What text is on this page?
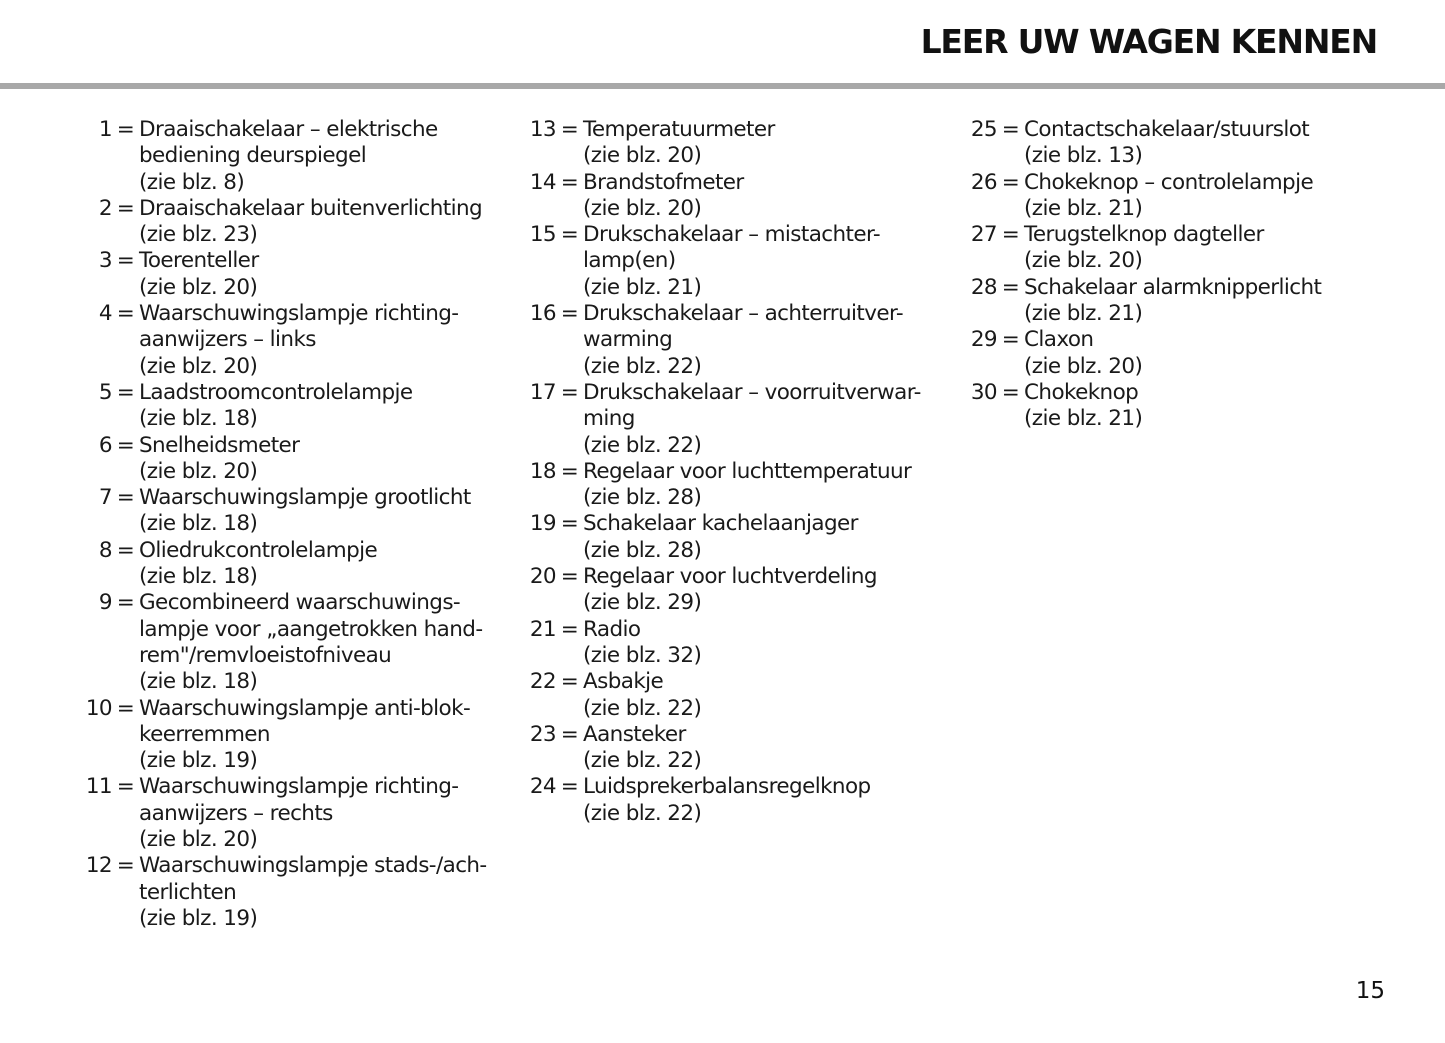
LEER UW WAGEN KENNEN
1 = Draaischakelaar – elektrische
bediening deurspiegel
(zie blz. 8)
2 = Draaischakelaar buitenverlichting
(zie blz. 23)
3 = Toerenteller
(zie blz. 20)
4 = Waarschuwingslampje richting-
aanwijzers – links
(zie blz. 20)
5 = Laadstroomcontrolelampje
(zie blz. 18)
6 = Snelheidsmeter
(zie blz. 20)
7 = Waarschuwingslampje grootlicht
(zie blz. 18)
8 = Oliedrukcontrolelampje
(zie blz. 18)
9 = Gecombineerd waarschuwings-
lampje voor „aangetrokken hand-
rem"/remvloeistofniveau
(zie blz. 18)
10 = Waarschuwingslampje anti-blok-
keerremmen
(zie blz. 19)
11 = Waarschuwingslampje richting-
aanwijzers – rechts
(zie blz. 20)
12 = Waarschuwingslampje stads-/ach-
terlichten
(zie blz. 19)
13 = Temperatuurmeter
(zie blz. 20)
14 = Brandstofmeter
(zie blz. 20)
15 = Drukschakelaar – mistachter-
lamp(en)
(zie blz. 21)
16 = Drukschakelaar – achterruitver-
warming
(zie blz. 22)
17 = Drukschakelaar – voorruitverwar-
ming
(zie blz. 22)
18 = Regelaar voor luchttemperatuur
(zie blz. 28)
19 = Schakelaar kachelaanjager
(zie blz. 28)
20 = Regelaar voor luchtverdeling
(zie blz. 29)
21 = Radio
(zie blz. 32)
22 = Asbakje
(zie blz. 22)
23 = Aansteker
(zie blz. 22)
24 = Luidsprekerbalansregelknop
(zie blz. 22)
25 = Contactschakelaar/stuurslot
(zie blz. 13)
26 = Chokeknop – controlelampje
(zie blz. 21)
27 = Terugstelknop dagteller
(zie blz. 20)
28 = Schakelaar alarmknipperlicht
(zie blz. 21)
29 = Claxon
(zie blz. 20)
30 = Chokeknop
(zie blz. 21)
15
